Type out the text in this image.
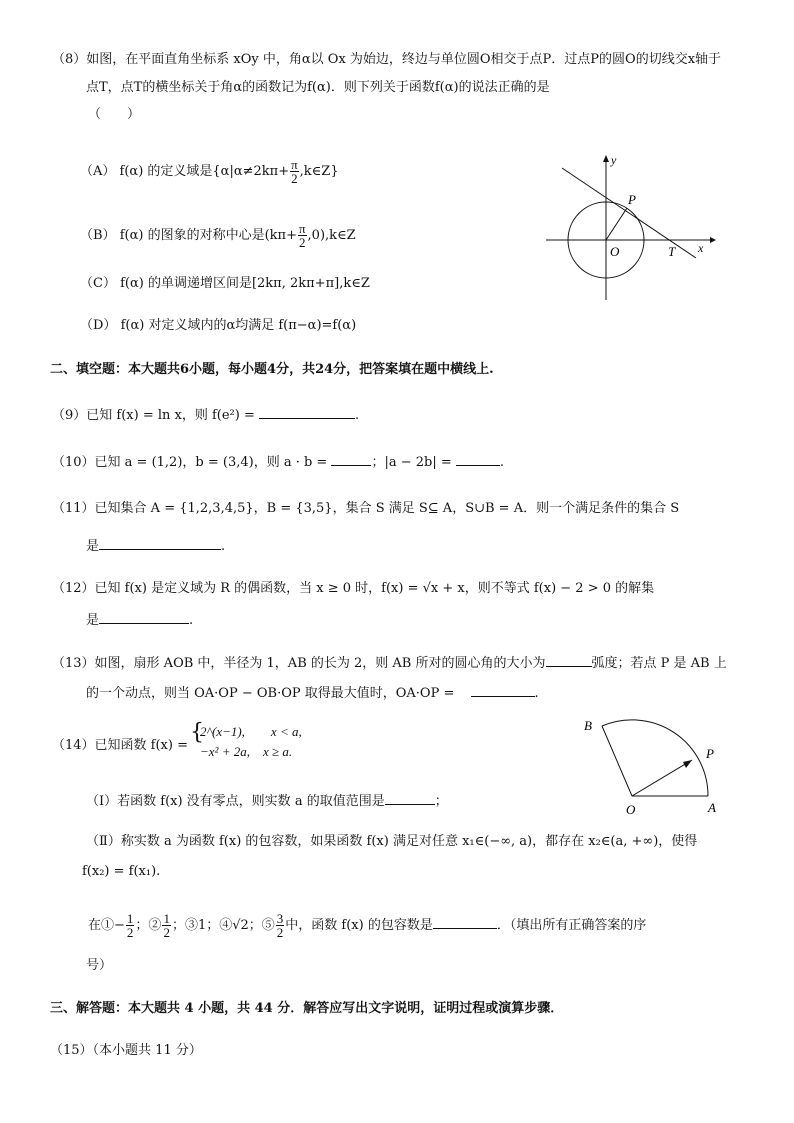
（8）如图，在平面直角坐标系 xOy 中，角α以 Ox 为始边，终边与单位圆O相交于点P．过点P的圆O的切线交x轴于
点T，点T的横坐标关于角α的函数记为f(α)．则下列关于函数f(α)的说法正确的是
（　　）
（A） f(α) 的定义域是{$\alpha|\alpha\ne 2k\pi+ \frac{\pi}{2}$ ,k∈Z}
（B） f(α) 的图象的对称中心是($k\pi+ \frac{\pi}{2}$ ,0),k∈Z
（C） f(α) 的单调递增区间是[2kπ, 2kπ+π],k∈Z
（D） f(α) 对定义域内的α均满足 f(π−α)=f(α)
y
x
P
O	T
二、填空题：本大题共6小题，每小题4分，共24分，把答案填在题中横线上.
（9）已知 f(x) = ln x，则 f(e²) =	.
（10）已知 a = (1,2)，b = (3,4)，则 a · b =	；|a − 2b| =	.
（11）已知集合 A = {1,2,3,4,5}，B = {3,5}，集合 S 满足 S⊆ A，S∪B = A．则一个满足条件的集合 S
是	.
（12）已知 f(x) 是定义域为 R 的偶函数，当 x ≥ 0 时，f(x) = √x + x，则不等式 f(x) − 2 > 0 的解集
是	.
（13）如图，扇形 AOB 中，半径为 1，AB 的长为 2，则 AB 所对的圆心角的大小为	弧度；若点 P 是 AB 上
的一个动点，则当 OA·OP − OB·OP 取得最大值时，OA·OP =	.
（14）已知函数 f(x) =
{
2^(x−1),　　x < a,
−x² + 2a,　x ≥ a.
（Ⅰ）若函数 f(x) 没有零点，则实数 a 的取值范围是	；
（Ⅱ）称实数 a 为函数 f(x) 的包容数，如果函数 f(x) 满足对任意 x₁∈(−∞, a)，都存在 x₂∈(a, +∞)，使得
f(x₂) = f(x₁).
在①− $\frac{1}{2}$ ；② $\frac{1}{2}$ ；③1；④√2；⑤ $\frac{3}{2}$ 中，函数 f(x) 的包容数是	．（填出所有正确答案的序
号）
B
P
O	A
三、解答题：本大题共 4 小题，共 44 分．解答应写出文字说明，证明过程或演算步骤．
（15）（本小题共 11 分）
